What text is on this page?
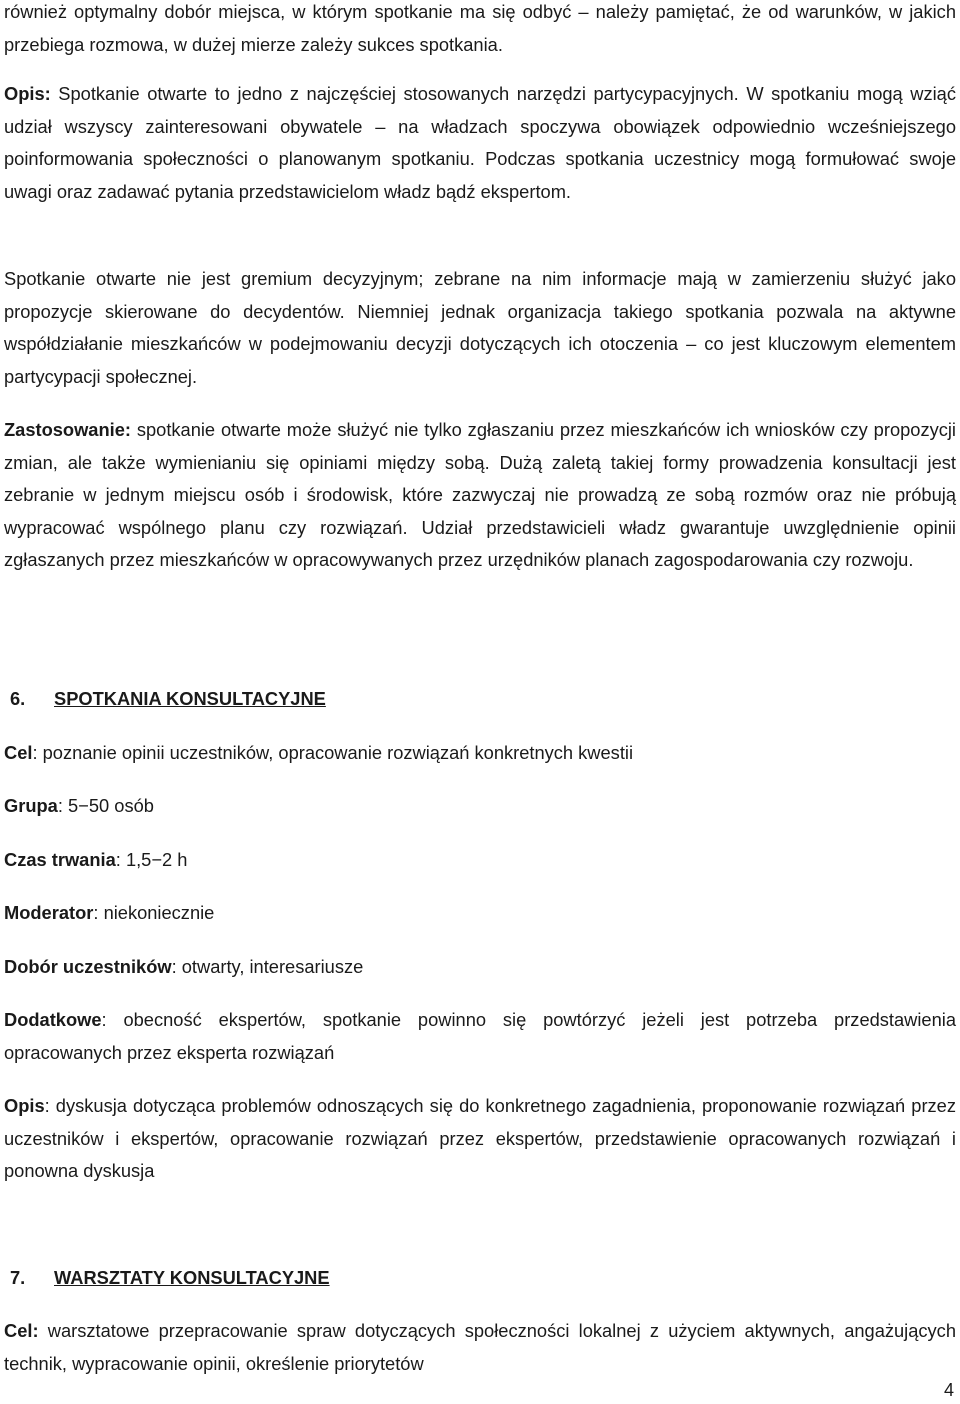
również optymalny dobór miejsca, w którym spotkanie ma się odbyć – należy pamiętać, że od warunków, w jakich przebiega rozmowa, w dużej mierze zależy sukces spotkania.

Opis: Spotkanie otwarte to jedno z najczęściej stosowanych narzędzi partycypacyjnych. W spotkaniu mogą wziąć udział wszyscy zainteresowani obywatele – na władzach spoczywa obowiązek odpowiednio wcześniejszego poinformowania społeczności o planowanym spotkaniu. Podczas spotkania uczestnicy mogą formułować swoje uwagi oraz zadawać pytania przedstawicielom władz bądź ekspertom.

Spotkanie otwarte nie jest gremium decyzyjnym; zebrane na nim informacje mają w zamierzeniu służyć jako propozycje skierowane do decydentów. Niemniej jednak organizacja takiego spotkania pozwala na aktywne współdziałanie mieszkańców w podejmowaniu decyzji dotyczących ich otoczenia – co jest kluczowym elementem partycypacji społecznej.

Zastosowanie: spotkanie otwarte może służyć nie tylko zgłaszaniu przez mieszkańców ich wniosków czy propozycji zmian, ale także wymienianiu się opiniami między sobą. Dużą zaletą takiej formy prowadzenia konsultacji jest zebranie w jednym miejscu osób i środowisk, które zazwyczaj nie prowadzą ze sobą rozmów oraz nie próbują wypracować wspólnego planu czy rozwiązań. Udział przedstawicieli władz gwarantuje uwzględnienie opinii zgłaszanych przez mieszkańców w opracowywanych przez urzędników planach zagospodarowania czy rozwoju.

6. SPOTKANIA KONSULTACYJNE

Cel: poznanie opinii uczestników, opracowanie rozwiązań konkretnych kwestii

Grupa: 5−50 osób

Czas trwania: 1,5−2 h

Moderator: niekoniecznie

Dobór uczestników: otwarty, interesariusze

Dodatkowe: obecność ekspertów, spotkanie powinno się powtórzyć jeżeli jest potrzeba przedstawienia opracowanych przez eksperta rozwiązań

Opis: dyskusja dotycząca problemów odnoszących się do konkretnego zagadnienia, proponowanie rozwiązań przez uczestników i ekspertów, opracowanie rozwiązań przez ekspertów, przedstawienie opracowanych rozwiązań i ponowna dyskusja

7. WARSZTATY KONSULTACYJNE

Cel: warsztatowe przepracowanie spraw dotyczących społeczności lokalnej z użyciem aktywnych, angażujących technik, wypracowanie opinii, określenie priorytetów

4
